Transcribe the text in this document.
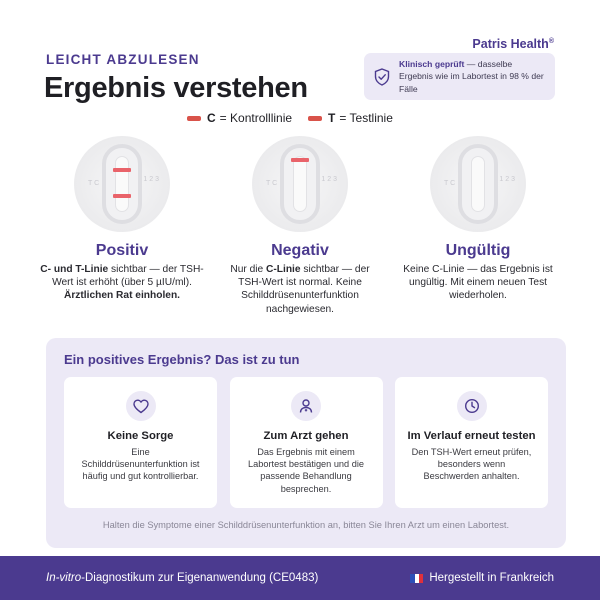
Patris Health®
LEICHT ABZULESEN
Ergebnis verstehen

Klinisch geprüft — dasselbe Ergebnis wie im Labortest in 98 % der Fälle

C = Kontrolllinie	T = Testlinie
T C
1 2 3
Positiv

C- und T-Linie sichtbar — der TSH-Wert ist erhöht (über 5 µIU/ml). Ärztlichen Rat einholen.

T C
1 2 3
Negativ

Nur die C-Linie sichtbar — der TSH-Wert ist normal. Keine Schilddrüsenunterfunktion nachgewiesen.

T C
1 2 3
Ungültig

Keine C-Linie — das Ergebnis ist ungültig. Mit einem neuen Test wiederholen.

Ein positives Ergebnis? Das ist zu tun
Keine Sorge

Eine Schilddrüsenunterfunktion ist häufig und gut kontrollierbar.

Zum Arzt gehen

Das Ergebnis mit einem Labortest bestätigen und die passende Behandlung besprechen.

Im Verlauf erneut testen

Den TSH-Wert erneut prüfen, besonders wenn Beschwerden anhalten.

Halten die Symptome einer Schilddrüsenunterfunktion an, bitten Sie Ihren Arzt um einen Labortest.
In-vitro-Diagnostikum zur Eigenanwendung (CE0483)	Hergestellt in Frankreich
